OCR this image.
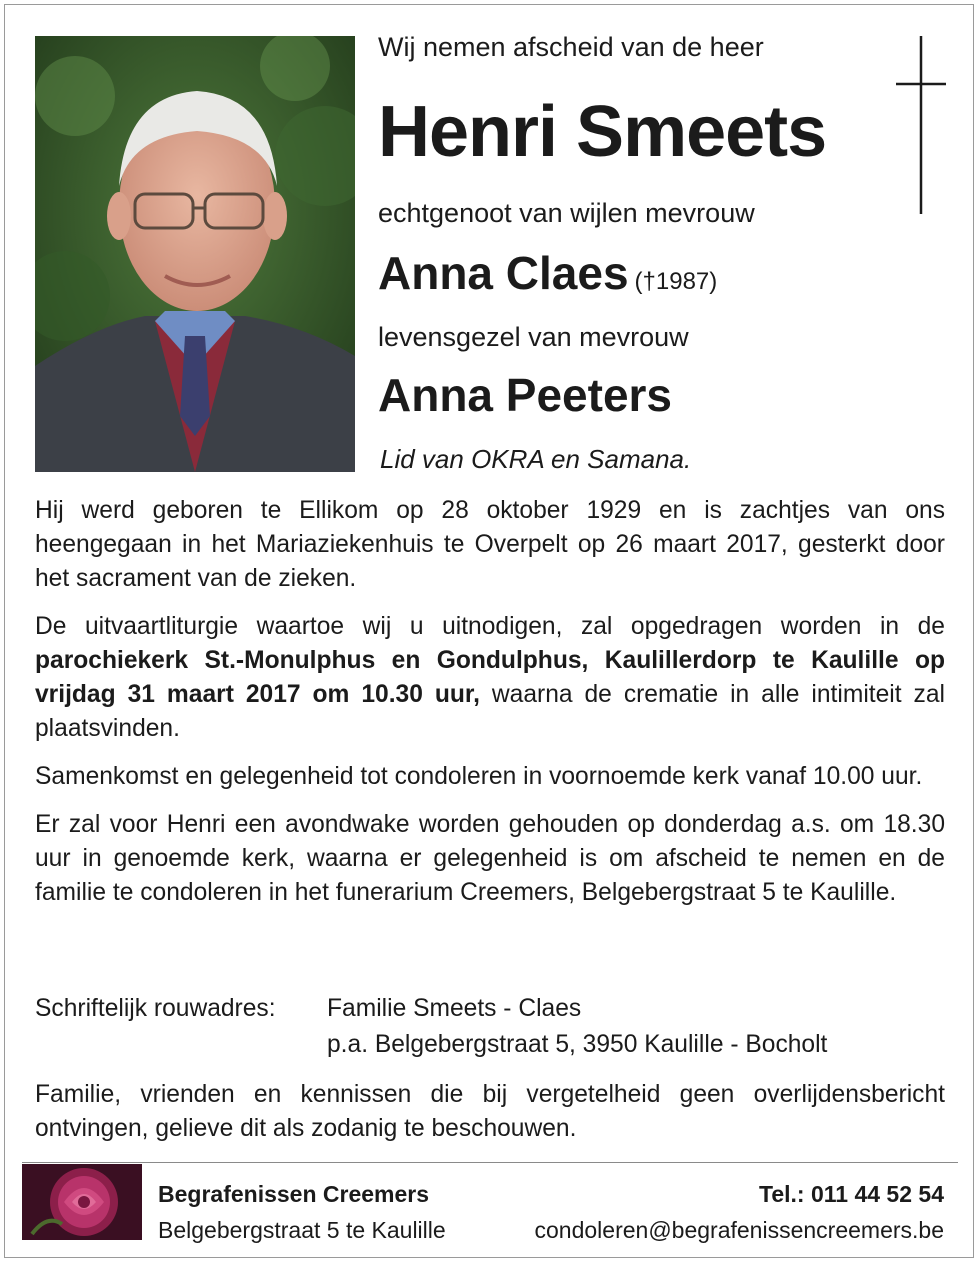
Wij nemen afscheid van de heer
Henri Smeets
echtgenoot van wijlen mevrouw
Anna Claes (†1987)
levensgezel van mevrouw
Anna Peeters
Lid van OKRA en Samana.

Hij werd geboren te Ellikom op 28 oktober 1929 en is zachtjes van ons heengegaan in het Mariaziekenhuis te Overpelt op 26 maart 2017, gesterkt door het sacrament van de zieken.

De uitvaartliturgie waartoe wij u uitnodigen, zal opgedragen worden in de parochiekerk St.-Monulphus en Gondulphus, Kaulillerdorp te Kaulille op vrijdag 31 maart 2017 om 10.30 uur, waarna de crematie in alle intimiteit zal plaatsvinden.

Samenkomst en gelegenheid tot condoleren in voornoemde kerk vanaf 10.00 uur.

Er zal voor Henri een avondwake worden gehouden op donderdag a.s. om 18.30 uur in genoemde kerk, waarna er gelegenheid is om afscheid te nemen en de familie te condoleren in het funerarium Creemers, Belgebergstraat 5 te Kaulille.

Schriftelijk rouwadres: Familie Smeets - Claes
p.a. Belgebergstraat 5, 3950 Kaulille - Bocholt
Familie, vrienden en kennissen die bij vergetelheid geen overlijdensbericht ontvingen, gelieve dit als zodanig te beschouwen.
Begrafenissen Creemers
Belgebergstraat 5 te Kaulille
Tel.: 011 44 52 54
condoleren@begrafenissencreemers.be
